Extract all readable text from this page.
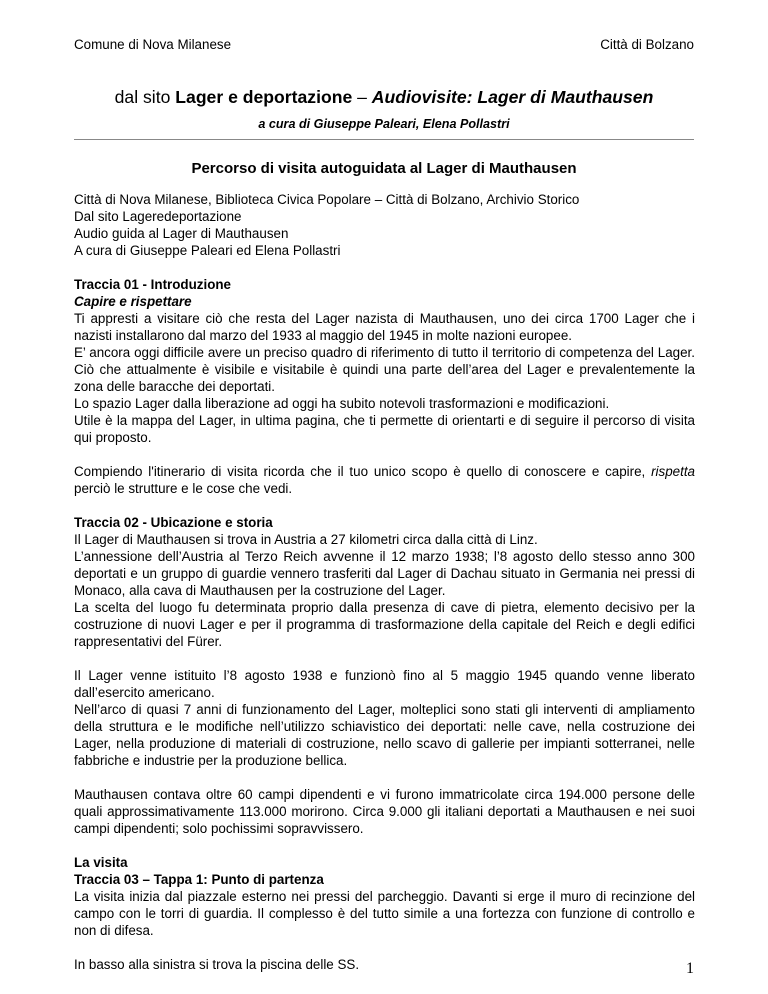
Comune di Nova Milanese	Città di Bolzano
dal sito Lager e deportazione – Audiovisite: Lager di Mauthausen
a cura di Giuseppe Paleari, Elena Pollastri
Percorso di visita autoguidata al Lager di Mauthausen

Città di Nova Milanese, Biblioteca Civica Popolare – Città di Bolzano, Archivio Storico

Dal sito Lageredeportazione

Audio guida al Lager di Mauthausen

A cura di Giuseppe Paleari ed Elena Pollastri

Traccia 01 - Introduzione

Capire e rispettare

Ti appresti a visitare ciò che resta del Lager nazista di Mauthausen, uno dei circa 1700 Lager che i nazisti installarono dal marzo del 1933 al maggio del 1945 in molte nazioni europee.

E’ ancora oggi difficile avere un preciso quadro di riferimento di tutto il territorio di competenza del Lager. Ciò che attualmente è visibile e visitabile è quindi una parte dell’area del Lager e prevalentemente la zona delle baracche dei deportati.

Lo spazio Lager dalla liberazione ad oggi ha subito notevoli trasformazioni e modificazioni.

Utile è la mappa del Lager, in ultima pagina, che ti permette di orientarti e di seguire il percorso di visita qui proposto.

Compiendo l'itinerario di visita ricorda che il tuo unico scopo è quello di conoscere e capire, rispetta perciò le strutture e le cose che vedi.

Traccia 02 - Ubicazione e storia

Il Lager di Mauthausen si trova in Austria a 27 kilometri circa dalla città di Linz.

L’annessione dell’Austria al Terzo Reich avvenne il 12 marzo 1938; l’8 agosto dello stesso anno 300 deportati e un gruppo di guardie vennero trasferiti dal Lager di Dachau situato in Germania nei pressi di Monaco, alla cava di Mauthausen per la costruzione del Lager.

La scelta del luogo fu determinata proprio dalla presenza di cave di pietra, elemento decisivo per la costruzione di nuovi Lager e per il programma di trasformazione della capitale del Reich e degli edifici rappresentativi del Fürer.

Il Lager venne istituito l’8 agosto 1938 e funzionò fino al 5 maggio 1945 quando venne liberato dall’esercito americano.

Nell’arco di quasi 7 anni di funzionamento del Lager, molteplici sono stati gli interventi di ampliamento della struttura e le modifiche nell’utilizzo schiavistico dei deportati: nelle cave, nella costruzione dei Lager, nella produzione di materiali di costruzione, nello scavo di gallerie per impianti sotterranei, nelle fabbriche e industrie per la produzione bellica.

Mauthausen contava oltre 60 campi dipendenti e vi furono immatricolate circa 194.000 persone delle quali approssimativamente 113.000 morirono. Circa 9.000 gli italiani deportati a Mauthausen e nei suoi campi dipendenti; solo pochissimi sopravvissero.

La visita

Traccia 03 – Tappa 1: Punto di partenza

La visita inizia dal piazzale esterno nei pressi del parcheggio. Davanti si erge il muro di recinzione del campo con le torri di guardia. Il complesso è del tutto simile a una fortezza con funzione di controllo e non di difesa.

In basso alla sinistra si trova la piscina delle SS.	1
